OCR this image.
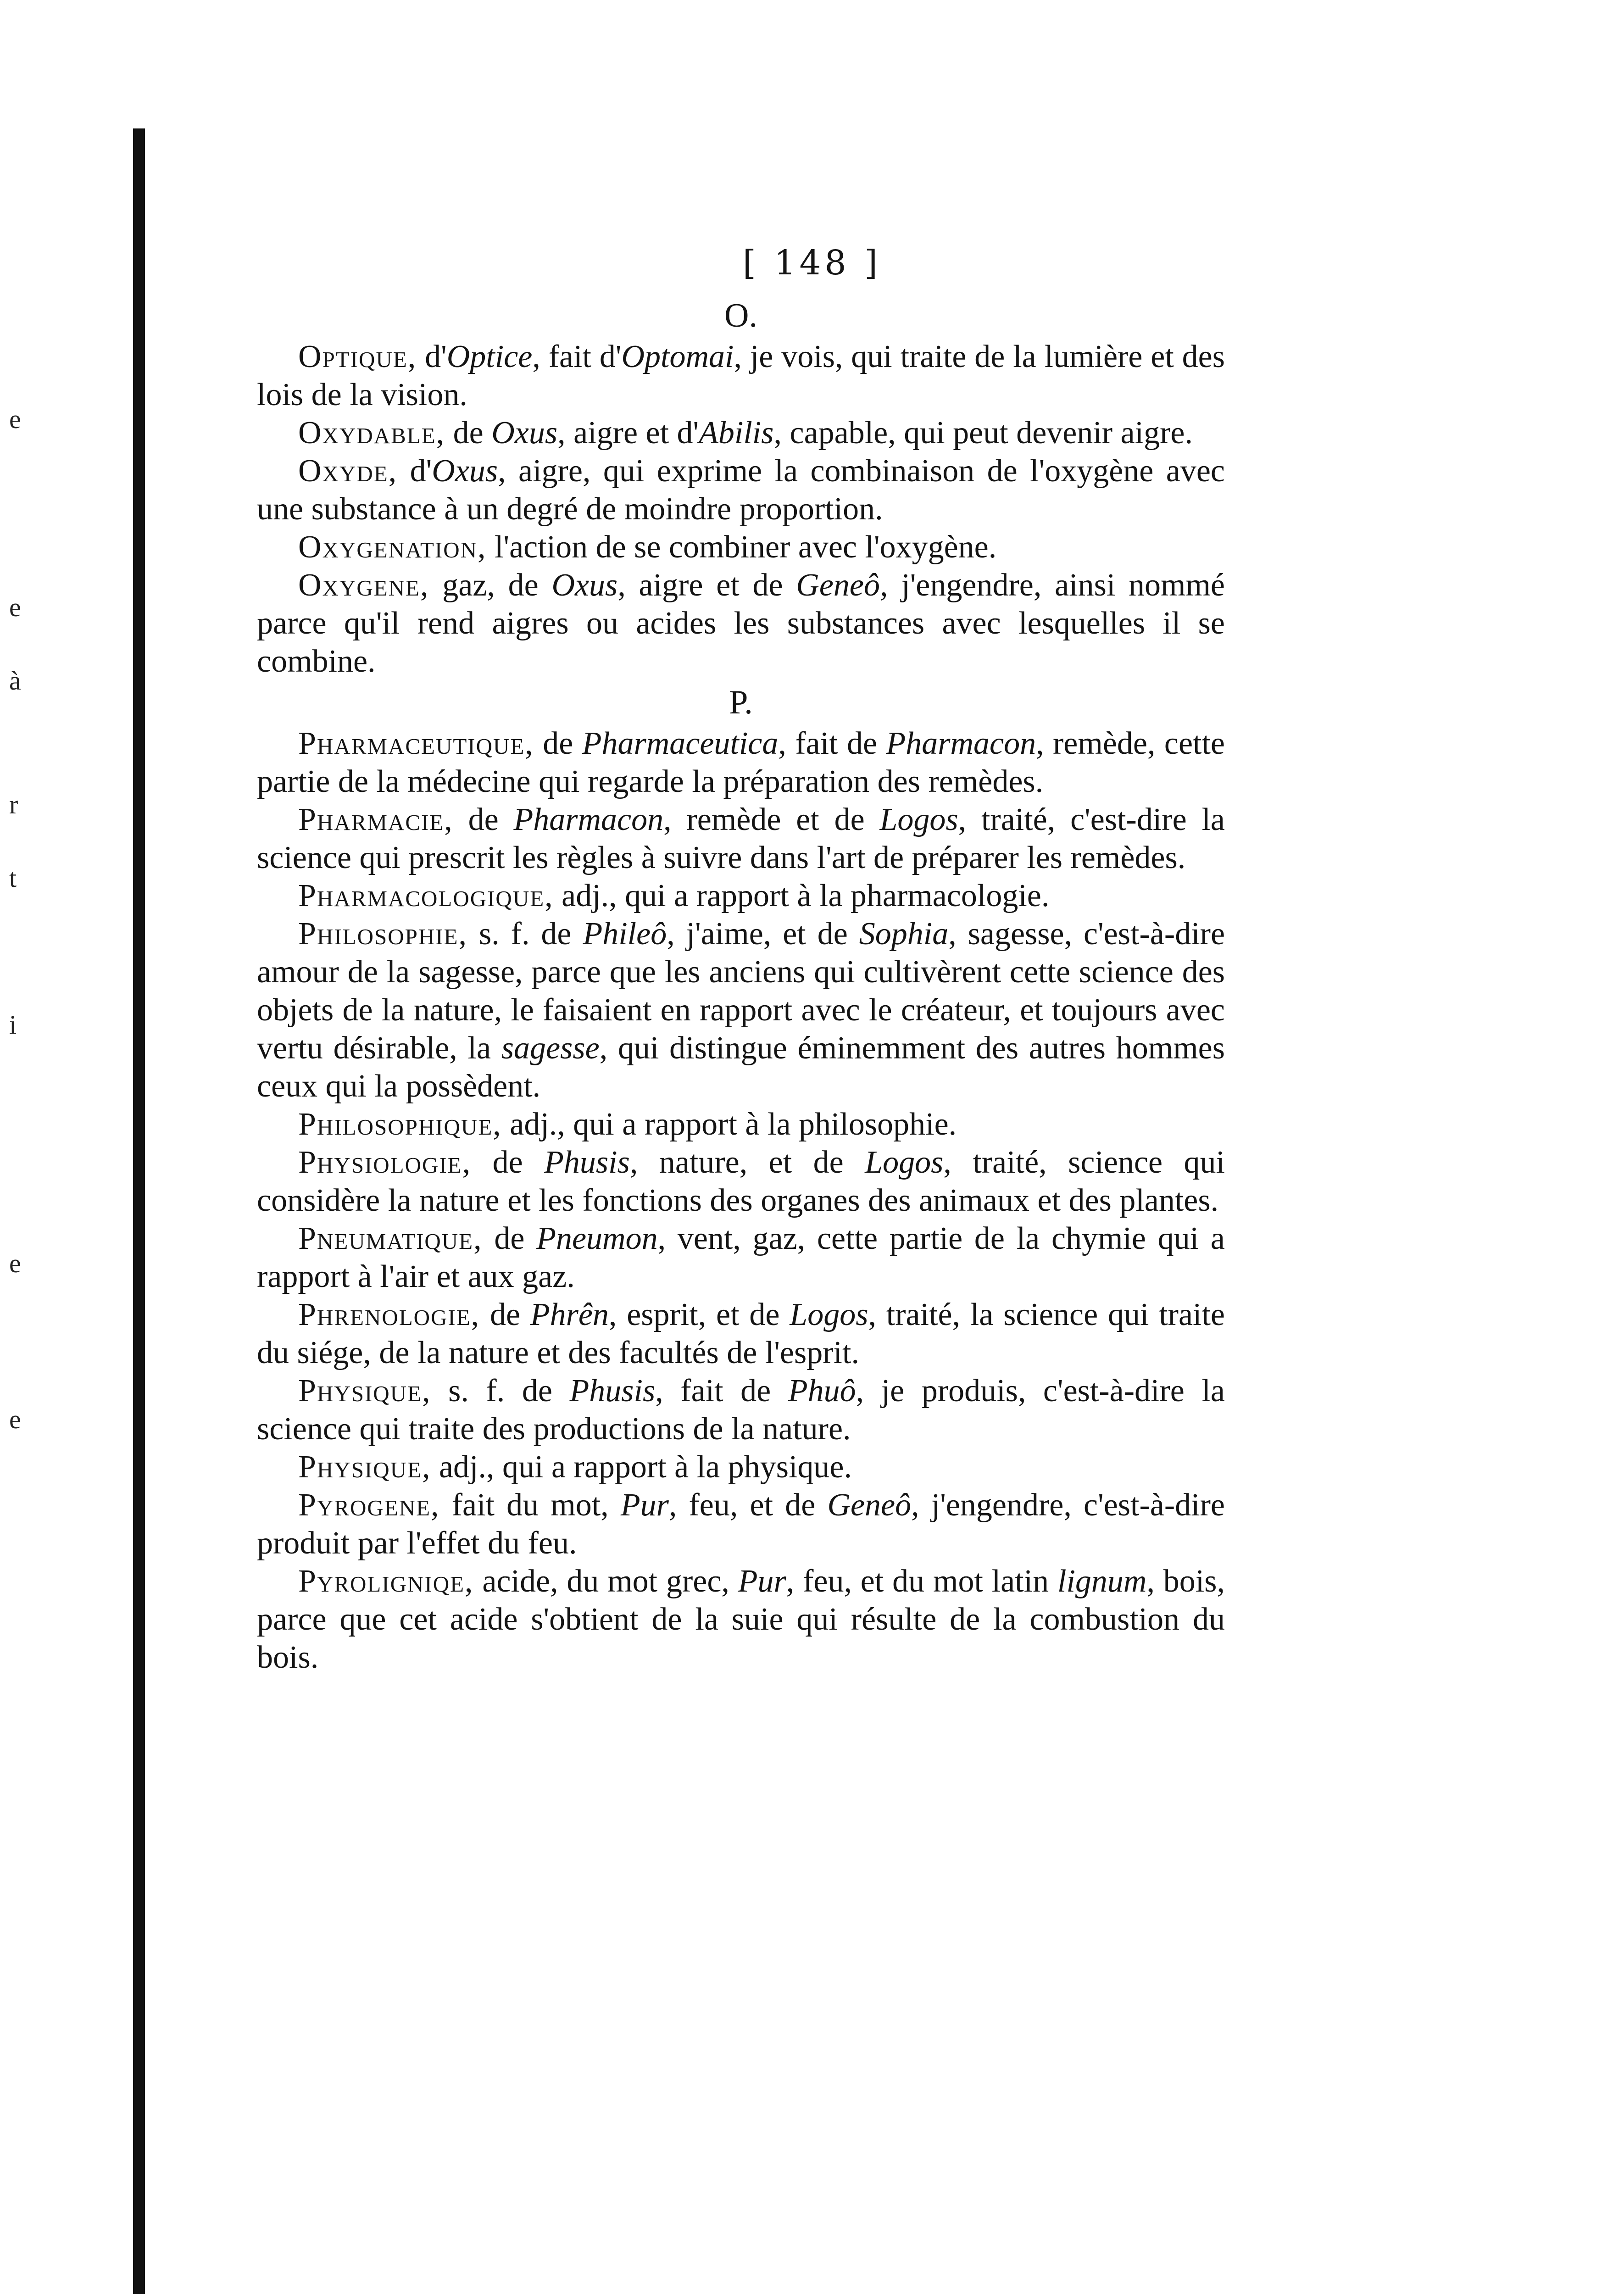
e
e
à
r
t
i
e
e
[ 148 ]

O.

Optique, d'Optice, fait d'Optomai, je vois, qui traite de la lumière et des lois de la vision.

Oxydable, de Oxus, aigre et d'Abilis, capable, qui peut devenir aigre.

Oxyde, d'Oxus, aigre, qui exprime la combinaison de l'oxygène avec une substance à un degré de moindre proportion.

Oxygenation, l'action de se combiner avec l'oxygène.

Oxygene, gaz, de Oxus, aigre et de Geneô, j'engendre, ainsi nommé parce qu'il rend aigres ou acides les substances avec lesquelles il se combine.

P.

Pharmaceutique, de Pharmaceutica, fait de Pharmacon, remède, cette partie de la médecine qui regarde la préparation des remèdes.

Pharmacie, de Pharmacon, remède et de Logos, traité, c'est-dire la science qui prescrit les règles à suivre dans l'art de préparer les remèdes.

Pharmacologique, adj., qui a rapport à la pharmacologie.

Philosophie, s. f. de Phileô, j'aime, et de Sophia, sagesse, c'est-à-dire amour de la sagesse, parce que les anciens qui cultivèrent cette science des objets de la nature, le faisaient en rapport avec le créateur, et toujours avec vertu désirable, la sagesse, qui distingue éminemment des autres hommes ceux qui la possèdent.

Philosophique, adj., qui a rapport à la philosophie.

Physiologie, de Phusis, nature, et de Logos, traité, science qui considère la nature et les fonctions des organes des animaux et des plantes.

Pneumatique, de Pneumon, vent, gaz, cette partie de la chymie qui a rapport à l'air et aux gaz.

Phrenologie, de Phrên, esprit, et de Logos, traité, la science qui traite du siége, de la nature et des facultés de l'esprit.

Physique, s. f. de Phusis, fait de Phuô, je produis, c'est-à-dire la science qui traite des productions de la nature.

Physique, adj., qui a rapport à la physique.

Pyrogene, fait du mot, Pur, feu, et de Geneô, j'engendre, c'est-à-dire produit par l'effet du feu.

Pyroligniqe, acide, du mot grec, Pur, feu, et du mot latin lignum, bois, parce que cet acide s'obtient de la suie qui résulte de la combustion du bois.
